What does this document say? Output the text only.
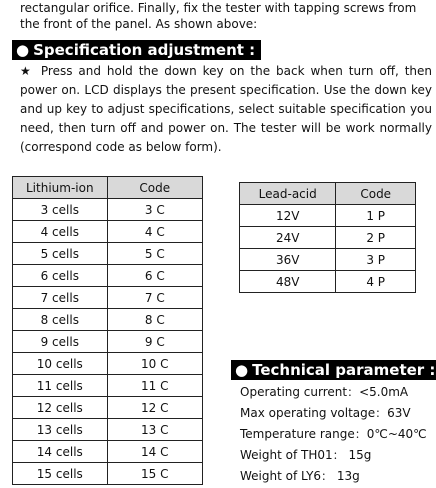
rectangular orifice. Finally, fix the tester with tapping screws from the front of the panel. As shown above:
● Specification adjustment :
★ Press and hold the down key on the back when turn off, then power on. LCD displays the present specification. Use the down key and up key to adjust specifications, select suitable specification you need, then turn off and power on. The tester will be work normally (correspond code as below form).
Lithium-ion	Code
3 cells	3 C
4 cells	4 C
5 cells	5 C
6 cells	6 C
7 cells	7 C
8 cells	8 C
9 cells	9 C
10 cells	10 C
11 cells	11 C
12 cells	12 C
13 cells	13 C
14 cells	14 C
15 cells	15 C
Lead-acid	Code
12V	1 P
24V	2 P
36V	3 P
48V	4 P
● Technical parameter :
Operating current：<5.0mA
Max operating voltage：63V
Temperature range：0℃~40℃
Weight of TH01： 15g
Weight of LY6： 13g
